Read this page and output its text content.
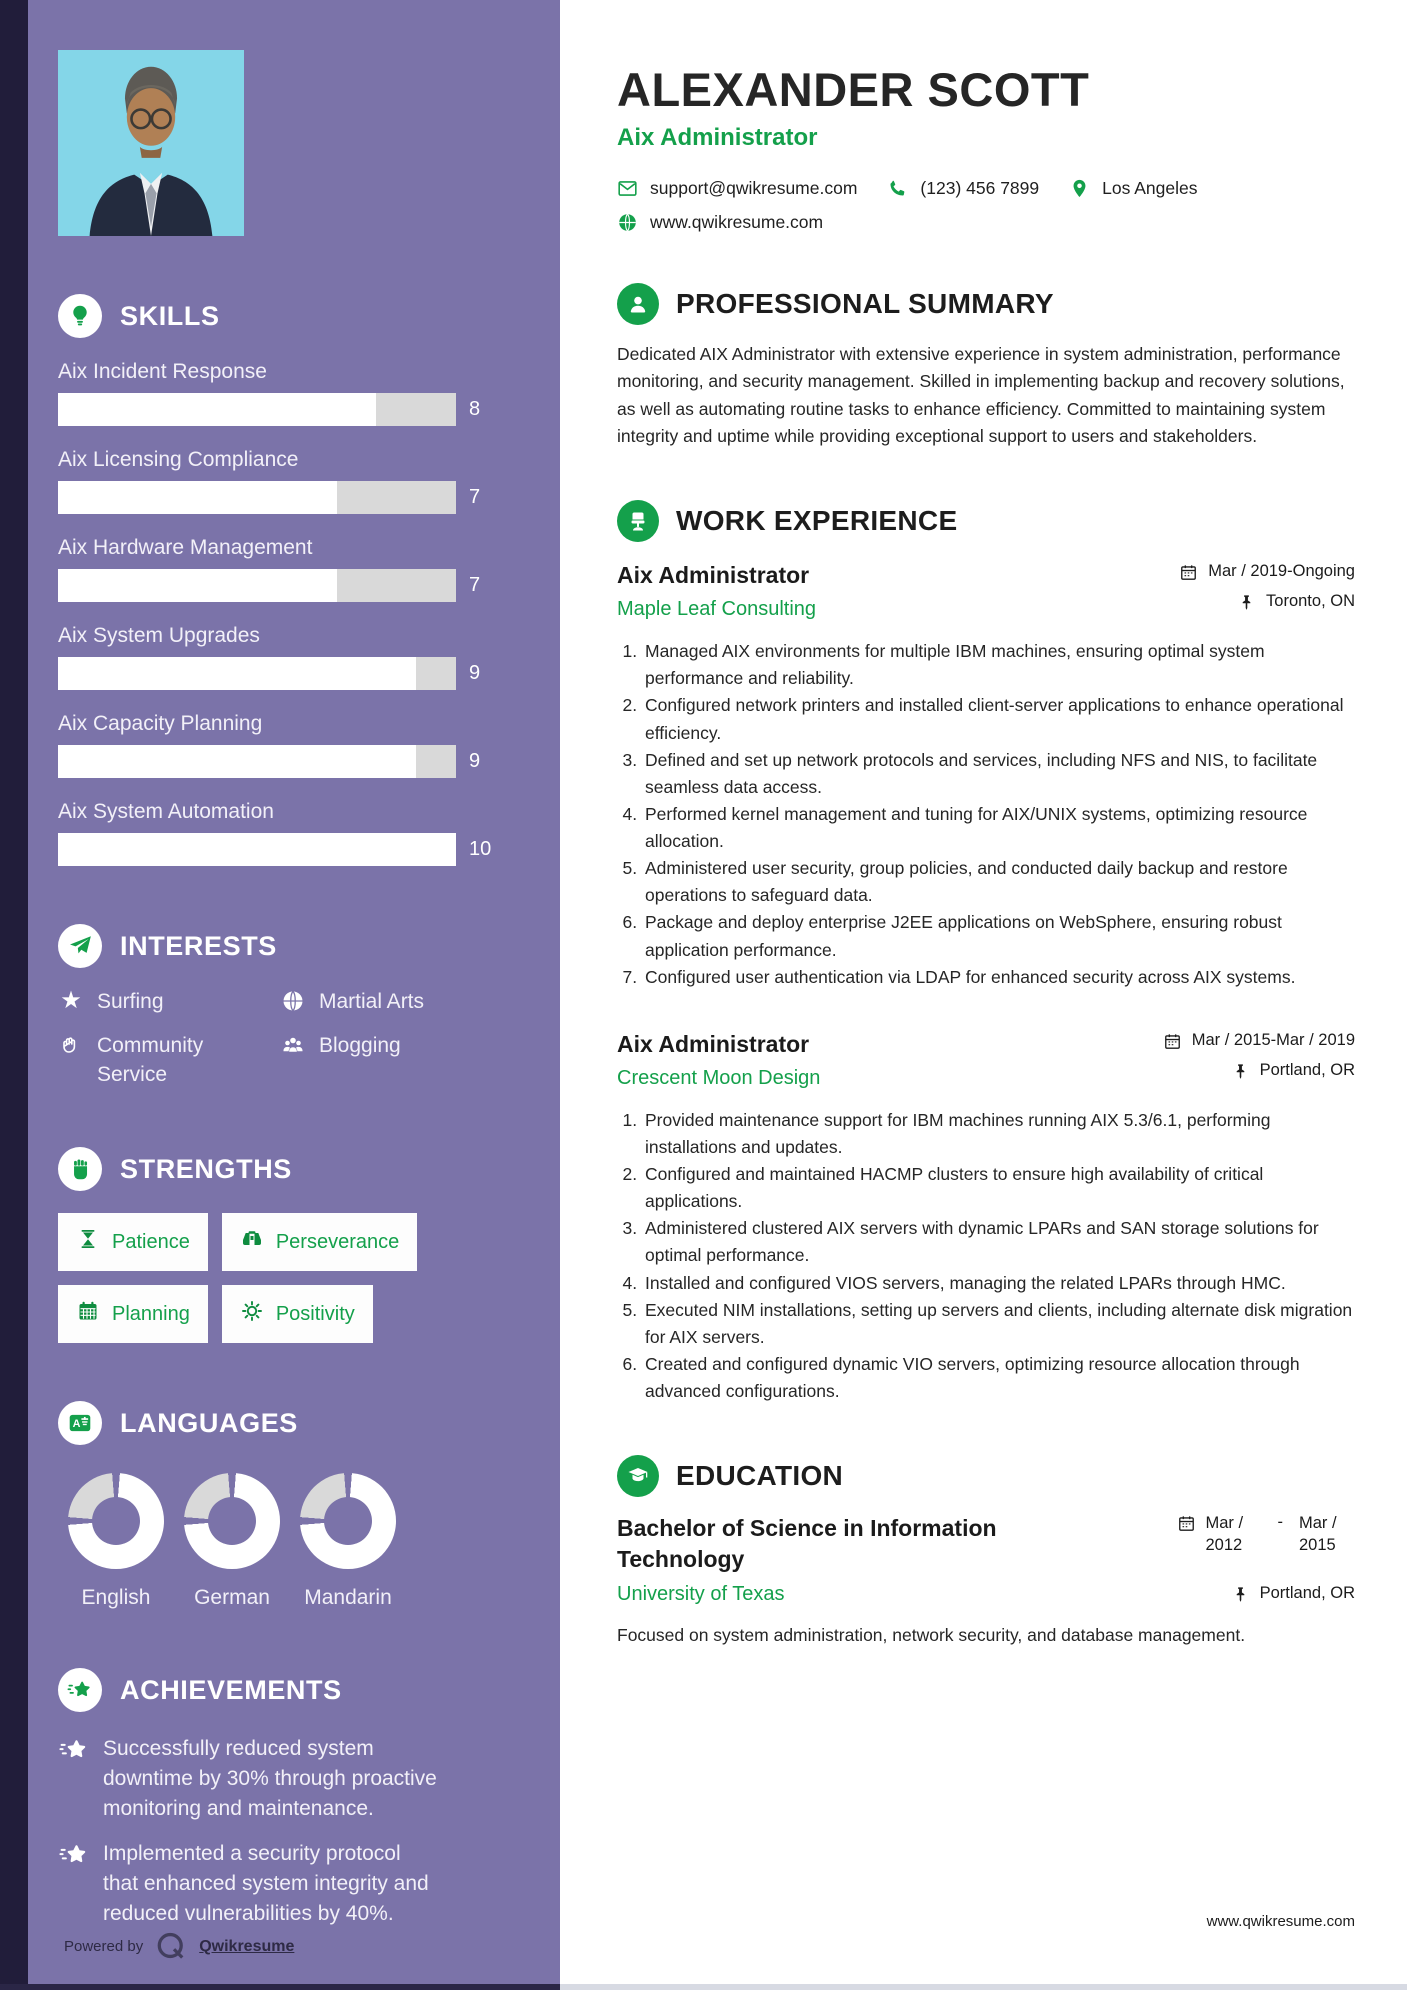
SKILLS
Aix Incident Response
8
Aix Licensing Compliance
7
Aix Hardware Management
7
Aix System Upgrades
9
Aix Capacity Planning
9
Aix System Automation
10
INTERESTS
★ Surfing	Martial Arts
Community Service
Blogging
STRENGTHS
Patience	Perseverance
Planning	Positivity
A LANGUAGES
English German Mandarin
ACHIEVEMENTS
Successfully reduced system downtime by 30% through proactive monitoring and maintenance.
Implemented a security protocol that enhanced system integrity and reduced vulnerabilities by 40%.
Powered by	Qwikresume
ALEXANDER SCOTT
Aix Administrator
support@qwikresume.com	(123) 456 7899	Los Angeles
www.qwikresume.com
PROFESSIONAL SUMMARY

Dedicated AIX Administrator with extensive experience in system administration, performance monitoring, and security management. Skilled in implementing backup and recovery solutions, as well as automating routine tasks to enhance efficiency. Committed to maintaining system integrity and uptime while providing exceptional support to users and stakeholders.

WORK EXPERIENCE
Aix Administrator
Maple Leaf Consulting
Mar / 2019-Ongoing
Toronto, ON
1. Managed AIX environments for multiple IBM machines, ensuring optimal system performance and reliability.
2. Configured network printers and installed client-server applications to enhance operational efficiency.
3. Defined and set up network protocols and services, including NFS and NIS, to facilitate seamless data access.
4. Performed kernel management and tuning for AIX/UNIX systems, optimizing resource allocation.
5. Administered user security, group policies, and conducted daily backup and restore operations to safeguard data.
6. Package and deploy enterprise J2EE applications on WebSphere, ensuring robust application performance.
7. Configured user authentication via LDAP for enhanced security across AIX systems.
Aix Administrator
Crescent Moon Design
Mar / 2015-Mar / 2019
Portland, OR
1. Provided maintenance support for IBM machines running AIX 5.3/6.1, performing installations and updates.
2. Configured and maintained HACMP clusters to ensure high availability of critical applications.
3. Administered clustered AIX servers with dynamic LPARs and SAN storage solutions for optimal performance.
4. Installed and configured VIOS servers, managing the related LPARs through HMC.
5. Executed NIM installations, setting up servers and clients, including alternate disk migration for AIX servers.
6. Created and configured dynamic VIO servers, optimizing resource allocation through advanced configurations.
EDUCATION
Bachelor of Science in Information Technology
University of Texas
Mar / 2012
- Mar / 2015
Portland, OR

Focused on system administration, network security, and database management.

www.qwikresume.com
